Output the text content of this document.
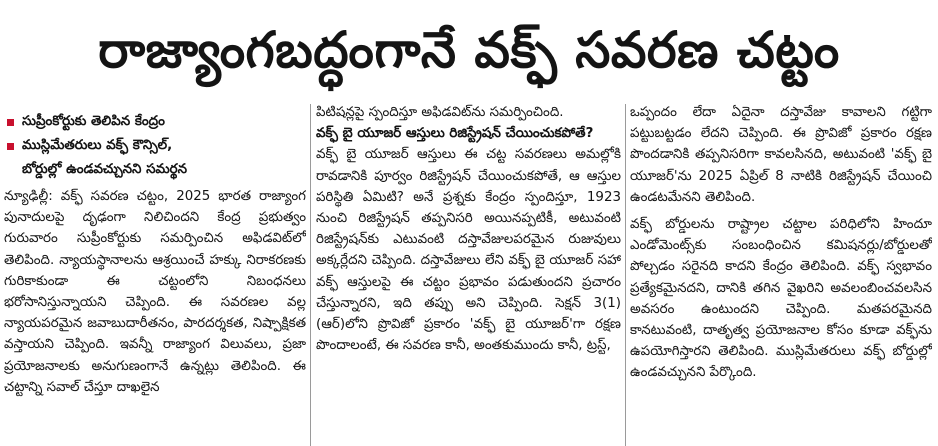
రాజ్యాంగబద్ధంగానే వక్ఫ్ సవరణ చట్టం
సుప్రీంకోర్టుకు తెలిపిన కేంద్రం
ముస్లిమేతరులు వక్ఫ్ కౌన్సిల్,
బోర్డుల్లో ఉండవచ్చునని సమర్థన

న్యూఢిల్లీ: వక్ఫ్ సవరణ చట్టం, 2025 భారత రాజ్యాంగ పునాదులపై దృఢంగా నిలిచిందని కేంద్ర ప్రభుత్వం గురువారం సుప్రీంకోర్టుకు సమర్పించిన అఫిడవిట్‌లో తెలిపింది. న్యాయస్థానాలను ఆశ్రయించే హక్కు నిరాకరణకు గురికాకుండా ఈ చట్టంలోని నిబంధనలు భరోసానిస్తున్నాయని చెప్పింది. ఈ సవరణల వల్ల న్యాయపరమైన జవాబుదారీతనం, పారదర్శకత, నిష్పాక్షికత వస్తాయని చెప్పింది. ఇవన్నీ రాజ్యాంగ విలువలు, ప్రజా ప్రయోజనాలకు అనుగుణంగానే ఉన్నట్లు తెలిపింది. ఈ చట్టాన్ని సవాల్ చేస్తూ దాఖలైన

పిటిషన్లపై స్పందిస్తూ అఫిడవిట్‌ను సమర్పించింది.

వక్ఫ్ బై యూజర్ ఆస్తులు రిజిస్ట్రేషన్ చేయించుకపోతే?

వక్ఫ్ బై యూజర్ ఆస్తులు ఈ చట్ట సవరణలు అమల్లోకి రావడానికి పూర్వం రిజిస్ట్రేషన్ చేయించుకపోతే, ఆ ఆస్తుల పరిస్థితి ఏమిటి? అనే ప్రశ్నకు కేంద్రం స్పందిస్తూ, 1923 నుంచి రిజిస్ట్రేషన్ తప్పనిసరి అయినప్పటికీ, అటువంటి రిజిస్ట్రేషన్‌కు ఎటువంటి దస్తావేజులపరమైన రుజువులు అక్కర్లేదని చెప్పింది. దస్తావేజులు లేని వక్ఫ్ బై యూజర్ సహా వక్ఫ్ ఆస్తులపై ఈ చట్టం ప్రభావం పడుతుందని ప్రచారం చేస్తున్నారని, ఇది తప్పు అని చెప్పింది. సెక్షన్ 3(1)(ఆర్)లోని ప్రొవిజో ప్రకారం 'వక్ఫ్ బై యూజర్'గా రక్షణ పొందాలంటే, ఈ సవరణ కానీ, అంతకుముందు కానీ, ట్రస్ట్,

ఒప్పందం లేదా ఏదైనా దస్తావేజు కావాలని గట్టిగా పట్టుబట్టడం లేదని చెప్పింది. ఈ ప్రొవిజో ప్రకారం రక్షణ పొందడానికి తప్పనిసరిగా కావలసినది, అటువంటి 'వక్ఫ్ బై యూజర్'ను 2025 ఏప్రిల్ 8 నాటికి రిజిస్ట్రేషన్ చేయించి ఉండటమేనని తెలిపింది.

వక్ఫ్ బోర్డులను రాష్ట్రాల చట్టాల పరిధిలోని హిందూ ఎండోమెంట్స్‌కు సంబంధించిన కమిషనర్లు/బోర్డులతో పోల్చడం సరైనది కాదని కేంద్రం తెలిపింది. వక్ఫ్ స్వభావం ప్రత్యేకమైనదని, దానికి తగిన వైఖరిని అవలంబించవలసిన అవసరం ఉంటుందని చెప్పింది. మతపరమైనది కానటువంటి, దాతృత్వ ప్రయోజనాల కోసం కూడా వక్ఫ్‌ను ఉపయోగిస్తారని తెలిపింది. ముస్లిమేతరులు వక్ఫ్ బోర్డుల్లో ఉండవచ్చునని పేర్కొంది.
